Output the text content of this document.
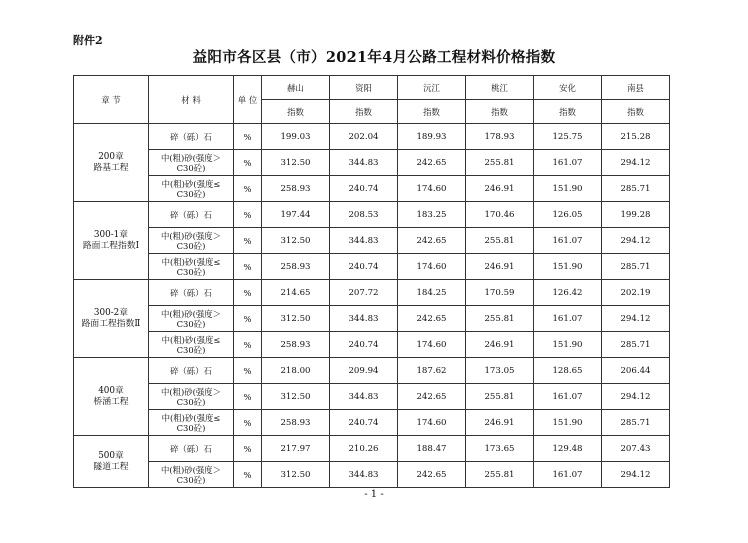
附件2
益阳市各区县（市）2021年4月公路工程材料价格指数
章 节	材 料	单 位	赫山	资阳	沅江	桃江	安化	南县
			指数	指数	指数	指数	指数	指数

200章
路基工程	碎（砾）石	%	199.03	202.04	189.93	178.93	125.75	215.28

	中(粗)砂(强度＞
C30砼)	%	312.50	344.83	242.65	255.81	161.07	294.12

	中(粗)砂(强度≤
C30砼)	%	258.93	240.74	174.60	246.91	151.90	285.71

300-1章
路面工程指数Ⅰ	碎（砾）石	%	197.44	208.53	183.25	170.46	126.05	199.28

	中(粗)砂(强度＞
C30砼)	%	312.50	344.83	242.65	255.81	161.07	294.12

	中(粗)砂(强度≤
C30砼)	%	258.93	240.74	174.60	246.91	151.90	285.71

300-2章
路面工程指数Ⅱ	碎（砾）石	%	214.65	207.72	184.25	170.59	126.42	202.19

	中(粗)砂(强度＞
C30砼)	%	312.50	344.83	242.65	255.81	161.07	294.12

	中(粗)砂(强度≤
C30砼)	%	258.93	240.74	174.60	246.91	151.90	285.71

400章
桥涵工程	碎（砾）石	%	218.00	209.94	187.62	173.05	128.65	206.44

	中(粗)砂(强度＞
C30砼)	%	312.50	344.83	242.65	255.81	161.07	294.12

	中(粗)砂(强度≤
C30砼)	%	258.93	240.74	174.60	246.91	151.90	285.71

500章
隧道工程	碎（砾）石	%	217.97	210.26	188.47	173.65	129.48	207.43

	中(粗)砂(强度＞
C30砼)	%	312.50	344.83	242.65	255.81	161.07	294.12
- 1 -
